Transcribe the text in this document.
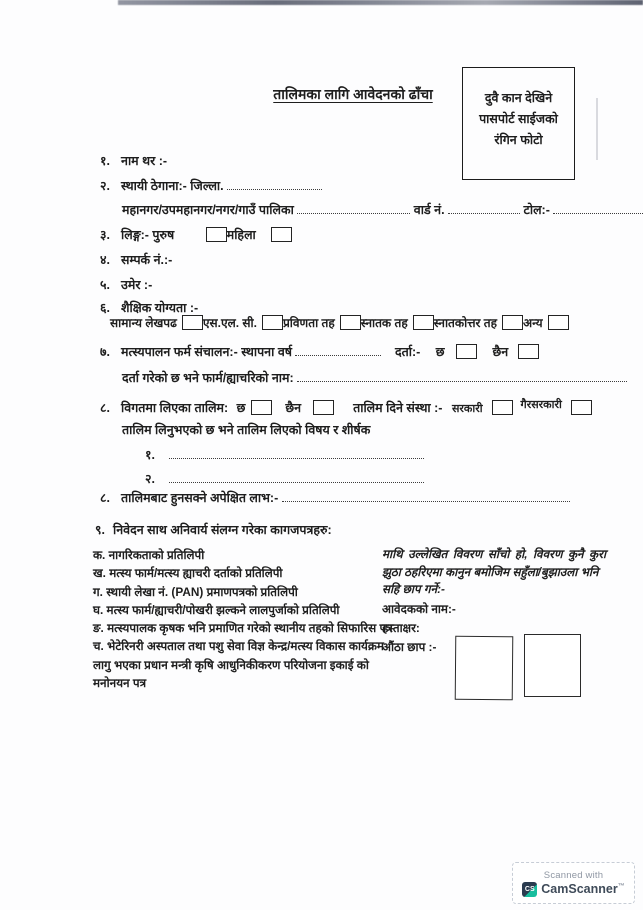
तालिमका लागि आवेदनको ढाँचा	दुवै कान देखिने
पासपोर्ट साईजको
रंगिन फोटो
१. नाम थर :-
२. स्थायी ठेगाना:- जिल्ला.
महानगर/उपमहानगर/नगर/गाउँ पालिका	वार्ड नं.	टोल:-
३. लिङ्ग:- पुरुष	महिला
४. सम्पर्क नं.:-
५. उमेर :-
६. शैक्षिक योग्यता :-
सामान्य लेखपढ एस.एल. सी. प्रविणता तह स्नातक तह स्नातकोत्तर तह अन्य
७. मत्स्यपालन फर्म संचालन:- स्थापना वर्ष	दर्ता:- छ	छैन
दर्ता गरेको छ भने फार्म/ह्याचरिको नाम:
८. विगतमा लिएका तालिम: छ	छैन	तालिम दिने संस्था :- सरकारी	गैरसरकारी
तालिम लिनुभएको छ भने तालिम लिएको विषय र शीर्षक
१.
२.
८. तालिमबाट हुनसक्ने अपेक्षित लाभ:-
९. निवेदन साथ अनिवार्य संलग्न गरेका कागजपत्रहरु:

क. नागरिकताको प्रतिलिपी

ख. मत्स्य फार्म/मत्स्य ह्याचरी दर्ताको प्रतिलिपी

ग. स्थायी लेखा नं. (PAN) प्रमाणपत्रको प्रतिलिपी

घ. मत्स्य फार्म/ह्याचरी/पोखरी झल्कने लालपुर्जाको प्रतिलिपी

ङ. मत्स्यपालक कृषक भनि प्रमाणित गरेको स्थानीय तहको सिफारिस पत्र

च. भेटेरिनरी अस्पताल तथा पशु सेवा विज्ञ केन्द्र/मत्स्य विकास कार्यक्रम लागु भएका प्रधान मन्त्री कृषि आधुनिकीकरण परियोजना इकाई को मनोनयन पत्र

माथि उल्लेखित विवरण साँचो हो, विवरण कुनै कुरा झुठा ठहरिएमा कानुन बमोजिम सहुँला/बुझाउला भनि
सहि छाप गर्ने:-
आवेदकको नाम:-
हस्ताक्षर:
औंठा छाप :-
Scanned with
CS CamScanner™
